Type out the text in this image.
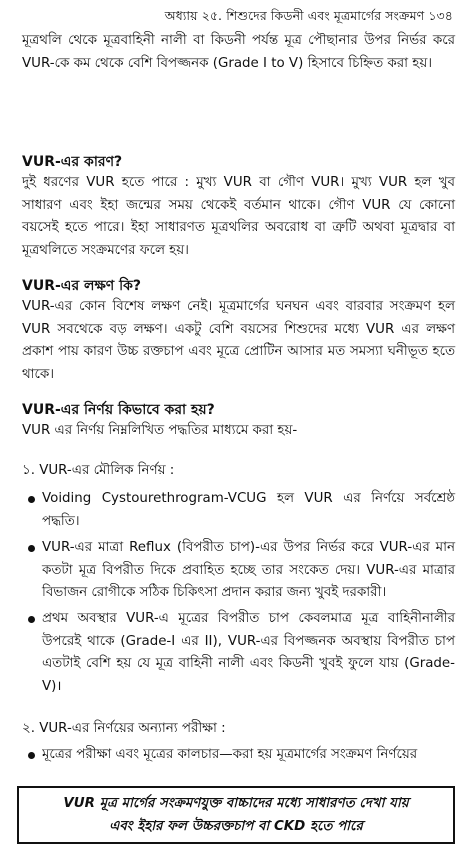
অধ্যায় ২৫. শিশুদের কিডনী এবং মূত্রমার্গের সংক্রমণ ১৩৪
মূত্রথলি থেকে মূত্রবাহিনী নালী বা কিডনী পর্যন্ত মূত্র পৌছানার উপর নির্ভর করে VUR-কে কম থেকে বেশি বিপজ্জনক (Grade I to V) হিসাবে চিহ্নিত করা হয়।
VUR-এর কারণ?
দুই ধরণের VUR হতে পারে : মুখ্য VUR বা গৌণ VUR। মুখ্য VUR হল খুব সাধারণ এবং ইহা জন্মের সময় থেকেই বর্তমান থাকে। গৌণ VUR যে কোনো বয়সেই হতে পারে। ইহা সাধারণত মূত্রথলির অবরোধ বা ত্রুটি অথবা মূত্রদ্বার বা মূত্রথলিতে সংক্রমণের ফলে হয়।
VUR-এর লক্ষণ কি?
VUR-এর কোন বিশেষ লক্ষণ নেই। মূত্রমার্গের ঘনঘন এবং বারবার সংক্রমণ হল VUR সবথেকে বড় লক্ষণ। একটু বেশি বয়সের শিশুদের মধ্যে VUR এর লক্ষণ প্রকাশ পায় কারণ উচ্চ রক্তচাপ এবং মূত্রে প্রোটিন আসার মত সমস্যা ঘনীভূত হতে থাকে।
VUR-এর নির্ণয় কিভাবে করা হয়?
VUR এর নির্ণয় নিম্নলিখিত পদ্ধতির মাধ্যমে করা হয়-
১. VUR-এর মৌলিক নির্ণয় :
Voiding Cystourethrogram-VCUG হল VUR এর নির্ণয়ে সর্বশ্রেষ্ঠ পদ্ধতি।
VUR-এর মাত্রা Reflux (বিপরীত চাপ)-এর উপর নির্ভর করে VUR-এর মান কতটা মূত্র বিপরীত দিকে প্রবাহিত হচ্ছে তার সংকেত দেয়। VUR-এর মাত্রার বিভাজন রোগীকে সঠিক চিকিৎসা প্রদান করার জন্য খুবই দরকারী।
প্রথম অবস্থার VUR-এ মূত্রের বিপরীত চাপ কেবলমাত্র মূত্র বাহিনীনালীর উপরেই থাকে (Grade-I এর II), VUR-এর বিপজ্জনক অবস্থায় বিপরীত চাপ এতটাই বেশি হয় যে মূত্র বাহিনী নালী এবং কিডনী খুবই ফুলে যায় (Grade-V)।
২. VUR-এর নির্ণয়ের অন্যান্য পরীক্ষা :
মূত্রের পরীক্ষা এবং মূত্রের কালচার—করা হয় মূত্রমার্গের সংক্রমণ নির্ণয়ের
VUR মূত্র মার্গের সংক্রমণযুক্ত বাচ্চাদের মধ্যে সাধারণত দেখা যায়
এবং ইহার ফল উচ্চরক্তচাপ বা CKD হতে পারে
